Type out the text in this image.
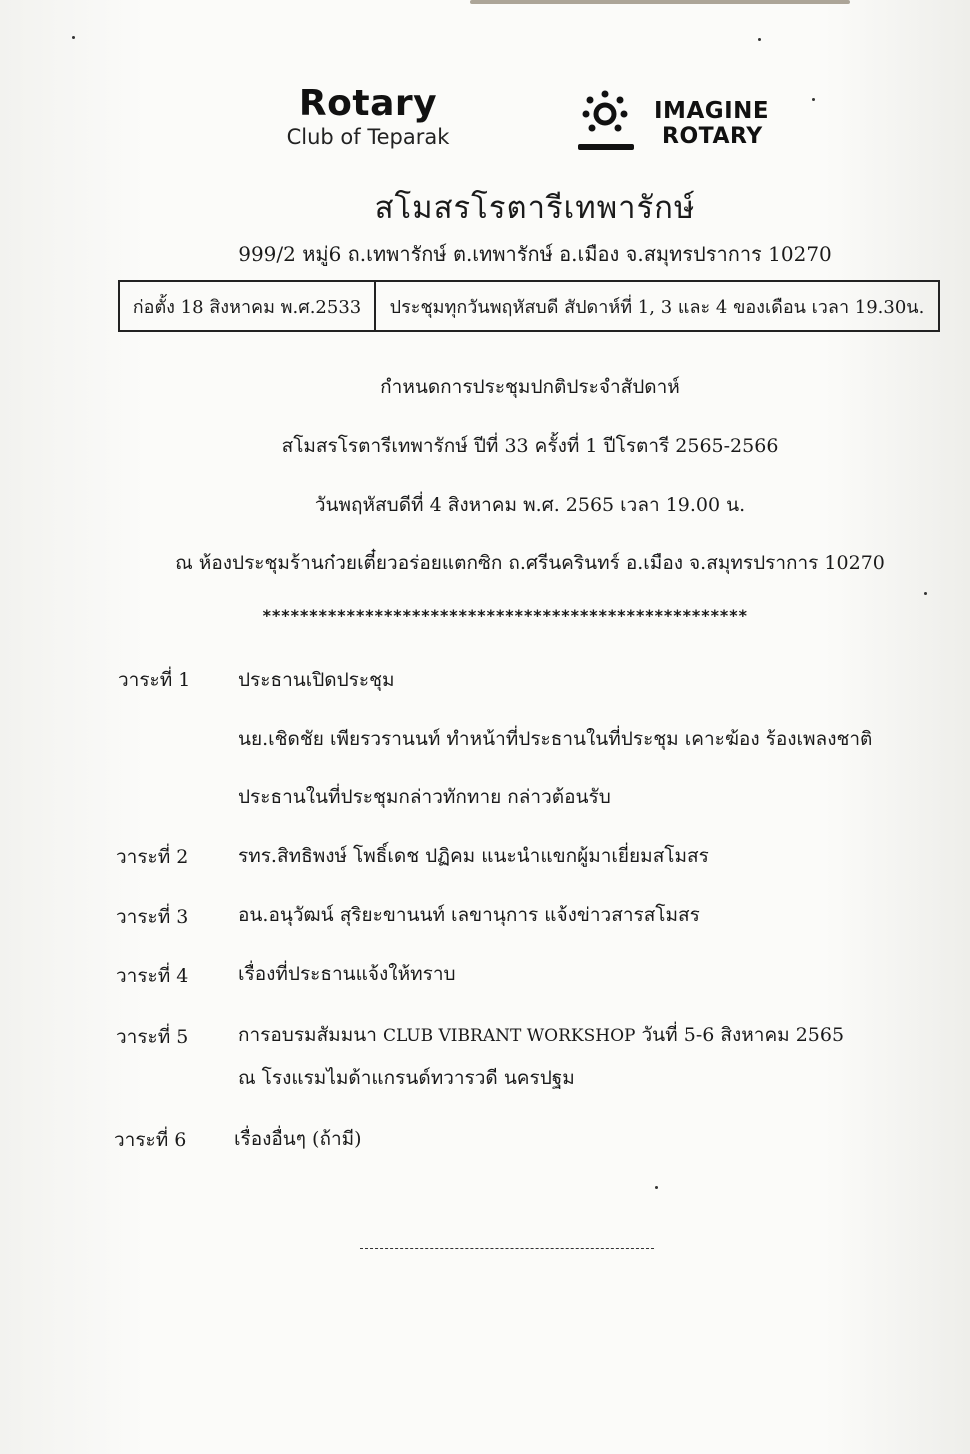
Rotary
Club of Teparak
IMAGINE
ROTARY
สโมสรโรตารีเทพารักษ์
999/2 หมู่6 ถ.เทพารักษ์ ต.เทพารักษ์ อ.เมือง จ.สมุทรปราการ 10270
ก่อตั้ง 18 สิงหาคม พ.ศ.2533	ประชุมทุกวันพฤหัสบดี สัปดาห์ที่ 1, 3 และ 4 ของเดือน เวลา 19.30น.
กำหนดการประชุมปกติประจำสัปดาห์
สโมสรโรตารีเทพารักษ์ ปีที่ 33 ครั้งที่ 1 ปีโรตารี 2565-2566
วันพฤหัสบดีที่ 4 สิงหาคม พ.ศ. 2565 เวลา 19.00 น.
ณ ห้องประชุมร้านก๋วยเตี๋ยวอร่อยแตกซิก ถ.ศรีนครินทร์ อ.เมือง จ.สมุทรปราการ 10270
****************************************************
วาระที่ 1	ประธานเปิดประชุม
นย.เชิดชัย เพียรวรานนท์ ทำหน้าที่ประธานในที่ประชุม เคาะฆ้อง ร้องเพลงชาติ
ประธานในที่ประชุมกล่าวทักทาย กล่าวต้อนรับ
วาระที่ 2	รทร.สิทธิพงษ์ โพธิ์เดช ปฏิคม แนะนำแขกผู้มาเยี่ยมสโมสร
วาระที่ 3	อน.อนุวัฒน์ สุริยะขานนท์ เลขานุการ แจ้งข่าวสารสโมสร
วาระที่ 4	เรื่องที่ประธานแจ้งให้ทราบ
วาระที่ 5	การอบรมสัมมนา CLUB VIBRANT WORKSHOP วันที่ 5-6 สิงหาคม 2565
ณ โรงแรมไมด้าแกรนด์ทวารวดี นครปฐม
วาระที่ 6	เรื่องอื่นๆ (ถ้ามี)
